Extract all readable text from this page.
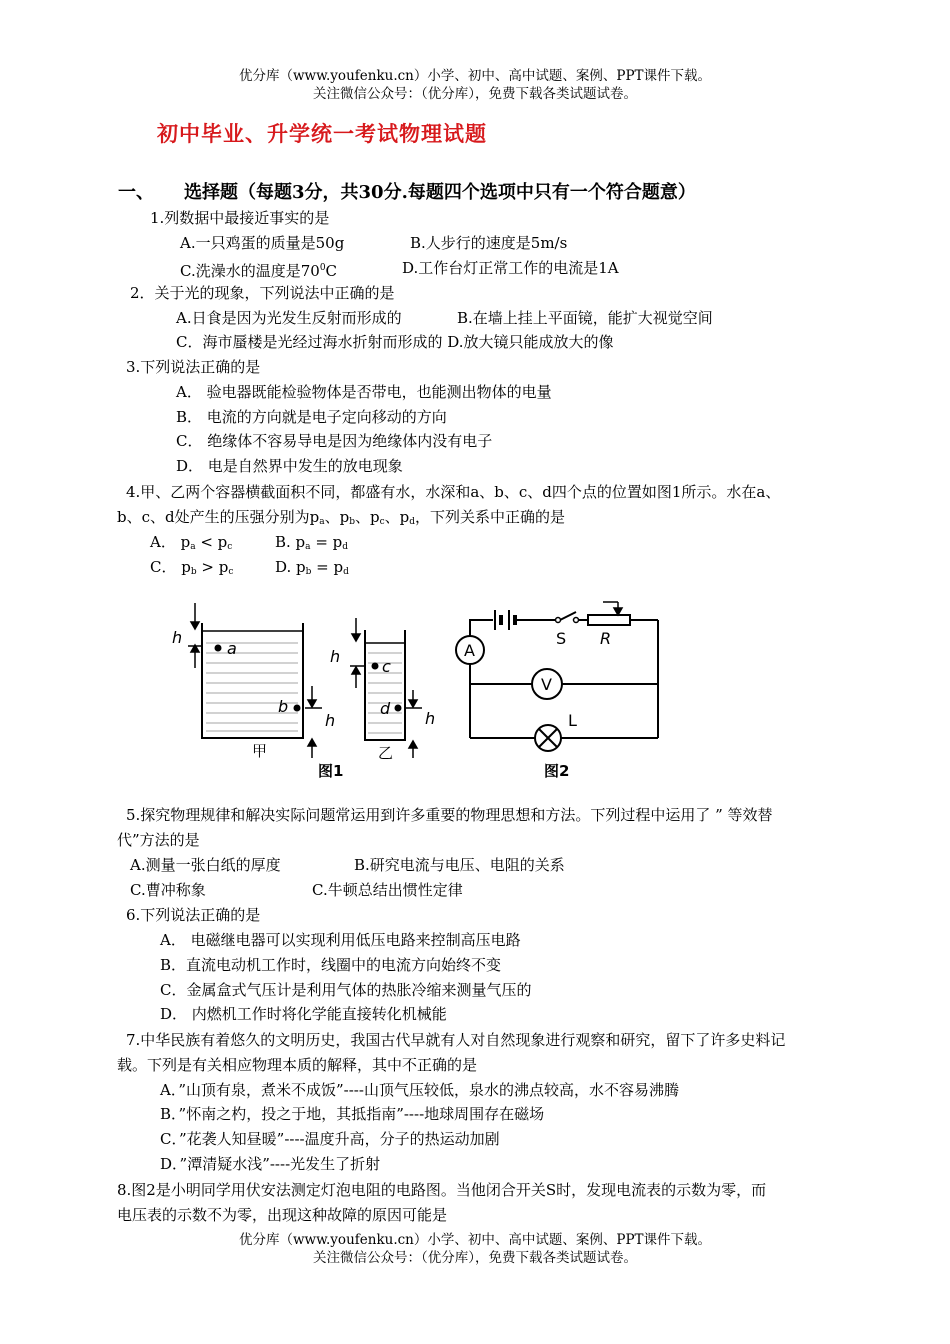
优分库（www.youfenku.cn）小学、初中、高中试题、案例、PPT课件下载。
关注微信公众号：（优分库），免费下载各类试题试卷。
初中毕业、升学统一考试物理试题
一、 选择题（每题3分，共30分.每题四个选项中只有一个符合题意）
1.列数据中最接近事实的是
A.一只鸡蛋的质量是50g	B.人步行的速度是5m/s
C.洗澡水的温度是$70^0C$	D.工作台灯正常工作的电流是1A
2．关于光的现象，下列说法中正确的是
A.日食是因为光发生反射而形成的	B.在墙上挂上平面镜，能扩大视觉空间
C．海市蜃楼是光经过海水折射而形成的 D.放大镜只能成放大的像
3.下列说法正确的是
A． 验电器既能检验物体是否带电，也能测出物体的电量
B． 电流的方向就是电子定向移动的方向
C． 绝缘体不容易导电是因为绝缘体内没有电子
D． 电是自然界中发生的放电现象
4.甲、乙两个容器横截面积不同，都盛有水，水深和a、b、c、d四个点的位置如图1所示。水在a、
b、c、d处产生的压强分别为$p_a$、$p_b$、$p_c$、$p_d$，下列关系中正确的是
A． $p_a < p_c$	B. $p_a = p_d$
C． $p_b > p_c$	D. $p_b = p_d$
h
a
b
h
甲
h
c
d
h
乙
图1
S R
A
V
L
图2
5.探究物理规律和解决实际问题常运用到许多重要的物理思想和方法。下列过程中运用了 ” 等效替
代”方法的是
A.测量一张白纸的厚度	B.研究电流与电压、电阻的关系
C.曹冲称象	C.牛顿总结出惯性定律
6.下列说法正确的是
A． 电磁继电器可以实现利用低压电路来控制高压电路
B．直流电动机工作时，线圈中的电流方向始终不变
C．金属盒式气压计是利用气体的热胀冷缩来测量气压的
D． 内燃机工作时将化学能直接转化机械能
7.中华民族有着悠久的文明历史，我国古代早就有人对自然现象进行观察和研究，留下了许多史料记
载。下列是有关相应物理本质的解释，其中不正确的是
A．”山顶有泉，煮米不成饭”----山顶气压较低，泉水的沸点较高，水不容易沸腾
B．”怀南之杓，投之于地，其抵指南”----地球周围存在磁场
C．”花袭人知昼暖”----温度升高，分子的热运动加剧
D．”潭清疑水浅”----光发生了折射
8.图2是小明同学用伏安法测定灯泡电阻的电路图。当他闭合开关S时，发现电流表的示数为零，而
电压表的示数不为零，出现这种故障的原因可能是
优分库（www.youfenku.cn）小学、初中、高中试题、案例、PPT课件下载。
关注微信公众号：（优分库），免费下载各类试题试卷。
